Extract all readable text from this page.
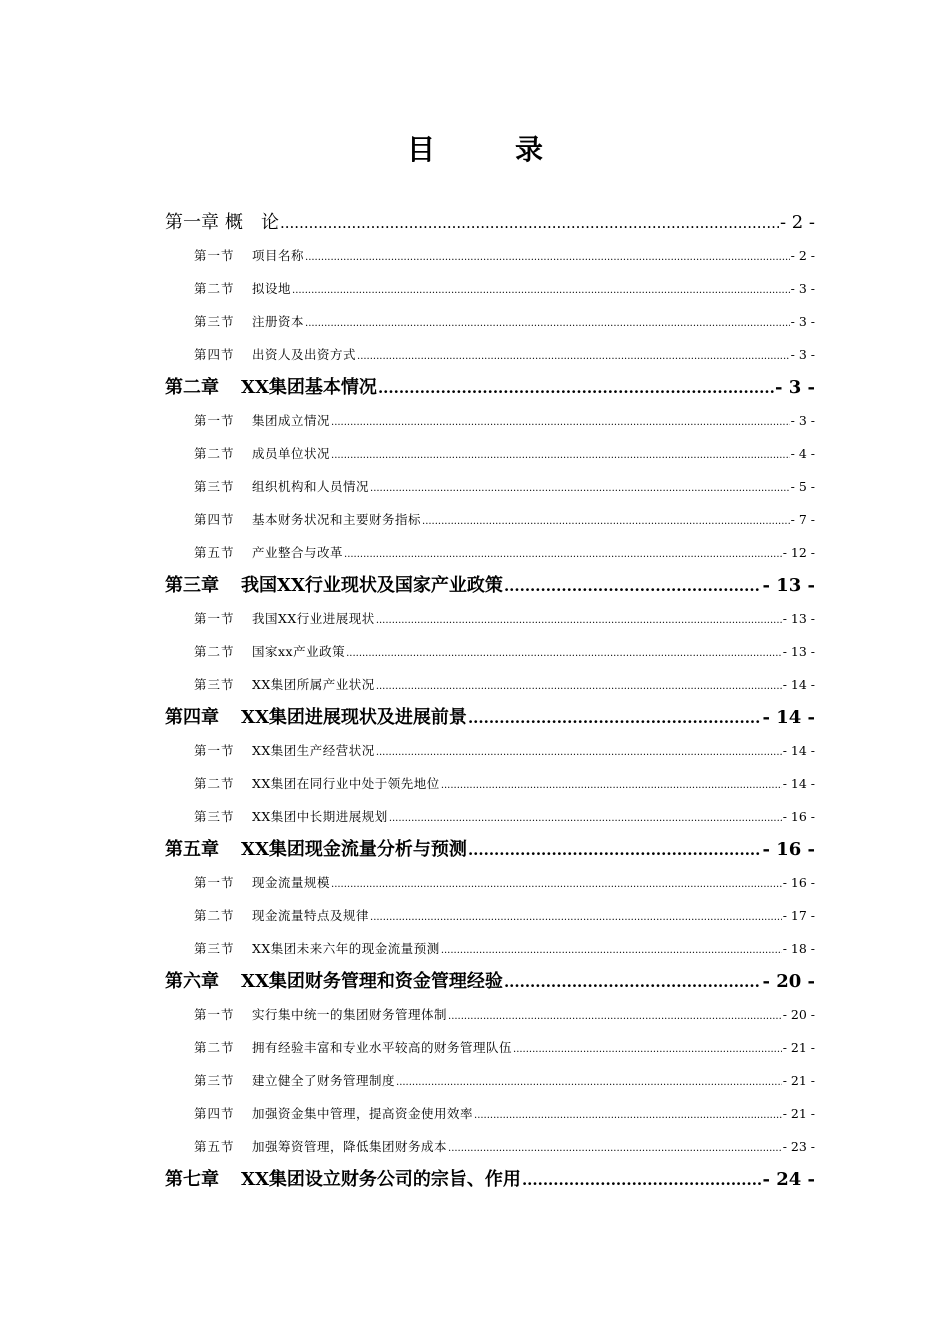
目	录
第一章 概　论 .....	- 2 -
第一节 项目名称 .....	- 2 -
第二节 拟设地 .....	- 3 -
第三节 注册资本 .....	- 3 -
第四节 出资人及出资方式 .....	- 3 -
第二章 XX集团基本情况 .....	- 3 -
第一节 集团成立情况 .....	- 3 -
第二节 成员单位状况 .....	- 4 -
第三节 组织机构和人员情况 .....	- 5 -
第四节 基本财务状况和主要财务指标 .....	- 7 -
第五节 产业整合与改革 .....	- 12 -
第三章 我国XX行业现状及国家产业政策 .....	- 13 -
第一节 我国XX行业进展现状 .....	- 13 -
第二节 国家xx产业政策 .....	- 13 -
第三节 XX集团所属产业状况 .....	- 14 -
第四章 XX集团进展现状及进展前景 .....	- 14 -
第一节 XX集团生产经营状况 .....	- 14 -
第二节 XX集团在同行业中处于领先地位 .....	- 14 -
第三节 XX集团中长期进展规划 .....	- 16 -
第五章 XX集团现金流量分析与预测 .....	- 16 -
第一节 现金流量规模 .....	- 16 -
第二节 现金流量特点及规律 .....	- 17 -
第三节 XX集团未来六年的现金流量预测 .....	- 18 -
第六章 XX集团财务管理和资金管理经验 .....	- 20 -
第一节 实行集中统一的集团财务管理体制 .....	- 20 -
第二节 拥有经验丰富和专业水平较高的财务管理队伍 .....	- 21 -
第三节 建立健全了财务管理制度 .....	- 21 -
第四节 加强资金集中管理，提高资金使用效率 .....	- 21 -
第五节 加强筹资管理，降低集团财务成本 .....	- 23 -
第七章 XX集团设立财务公司的宗旨、作用 .....	- 24 -
